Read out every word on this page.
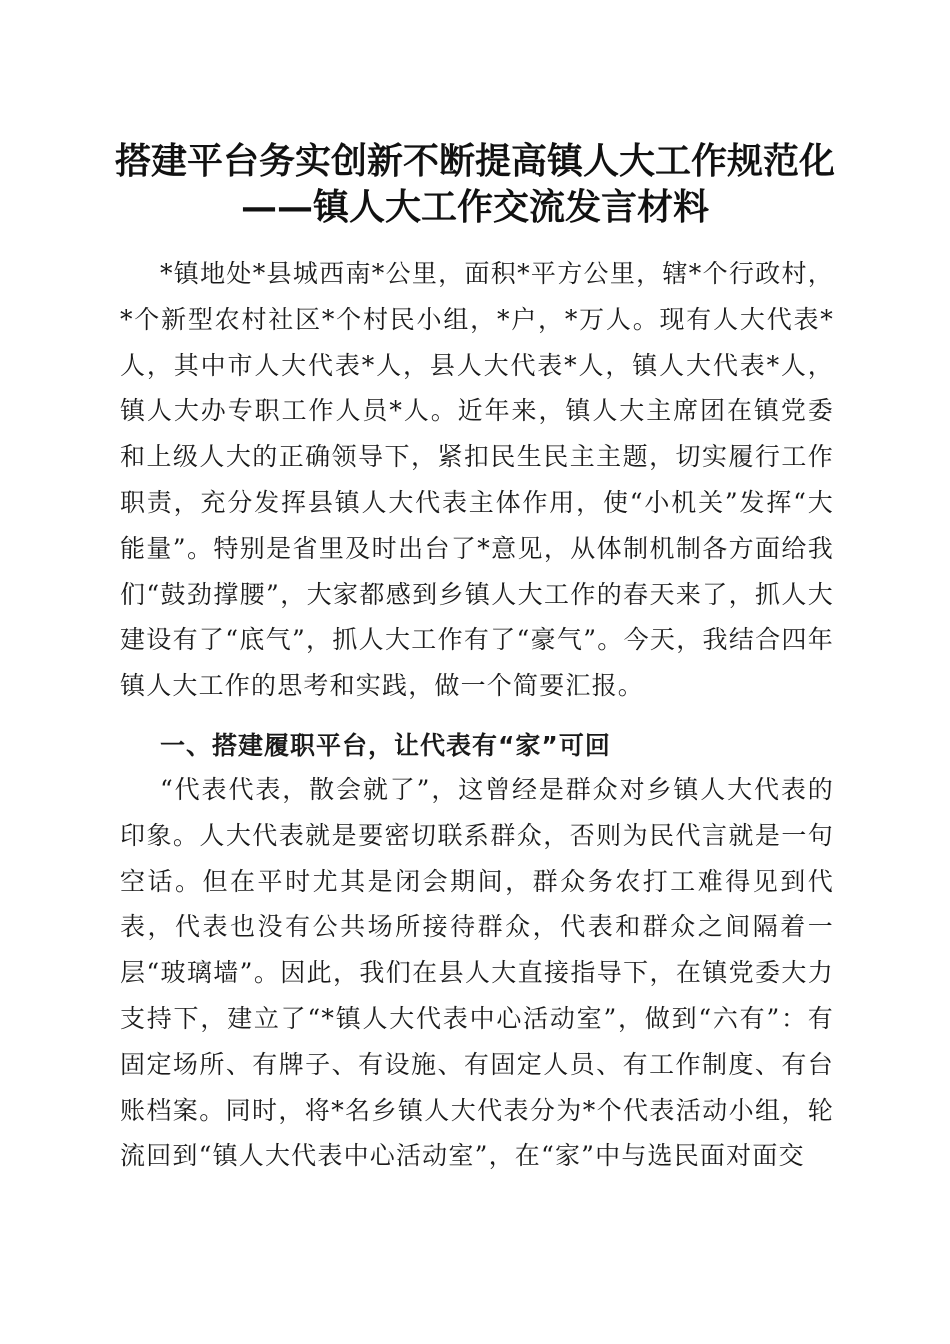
搭建平台务实创新不断提高镇人大工作规范化
——镇人大工作交流发言材料

*镇地处*县城西南*公里，面积*平方公里，辖*个行政村，*个新型农村社区*个村民小组，*户，*万人。现有人大代表*人，其中市人大代表*人，县人大代表*人，镇人大代表*人，镇人大办专职工作人员*人。近年来，镇人大主席团在镇党委和上级人大的正确领导下，紧扣民生民主主题，切实履行工作职责，充分发挥县镇人大代表主体作用，使“小机关”发挥“大能量”。特别是省里及时出台了*意见，从体制机制各方面给我们“鼓劲撑腰”，大家都感到乡镇人大工作的春天来了，抓人大建设有了“底气”，抓人大工作有了“豪气”。今天，我结合四年镇人大工作的思考和实践，做一个简要汇报。

一、搭建履职平台，让代表有“家”可回

“代表代表，散会就了”，这曾经是群众对乡镇人大代表的印象。人大代表就是要密切联系群众，否则为民代言就是一句空话。但在平时尤其是闭会期间，群众务农打工难得见到代表，代表也没有公共场所接待群众，代表和群众之间隔着一层“玻璃墙”。因此，我们在县人大直接指导下，在镇党委大力支持下，建立了“*镇人大代表中心活动室”，做到“六有”：有固定场所、有牌子、有设施、有固定人员、有工作制度、有台账档案。同时，将*名乡镇人大代表分为*个代表活动小组，轮流回到“镇人大代表中心活动室”，在“家”中与选民面对面交
